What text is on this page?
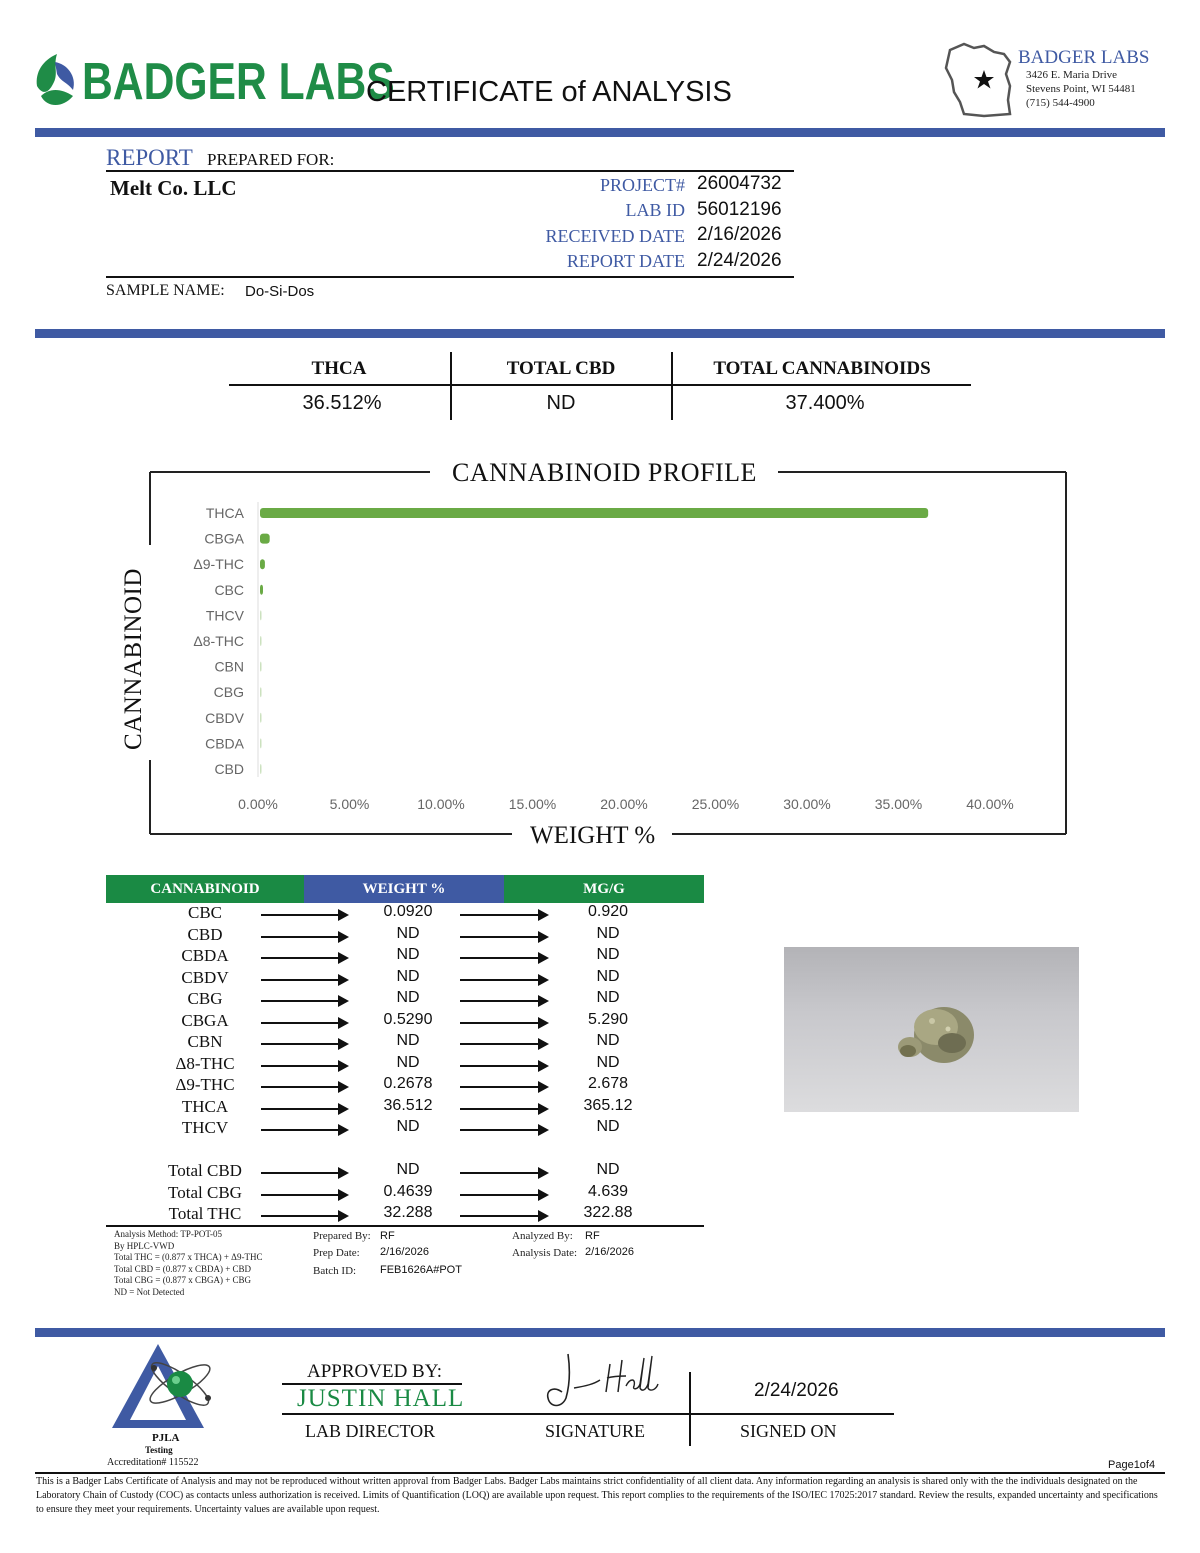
BADGER LABS
CERTIFICATE of ANALYSIS
BADGER LABS
3426 E. Maria Drive
Stevens Point, WI 54481
(715) 544-4900
REPORT PREPARED FOR:
Melt Co. LLC	PROJECT# 26004732
LAB ID 56012196
RECEIVED DATE 2/16/2026
REPORT DATE 2/24/2026
SAMPLE NAME: Do-Si-Dos
THCA	TOTAL CBD	TOTAL CANNABINOIDS
36.512%	ND	37.400%
THCA
CBGA
Δ9-THC
CBC
THCV
Δ8-THC
CBN
CBG
CBDV
CBDA
CBD
0.00%	5.00%	10.00%	15.00%	20.00%	25.00%	30.00%	35.00%	40.00%
CANNABINOID PROFILE
CANNABINOID
WEIGHT %
CANNABINOID	WEIGHT %	MG/G
CBC	0.0920	0.920
CBD	ND	ND
CBDA	ND	ND
CBDV	ND	ND
CBG	ND	ND
CBGA	0.5290	5.290
CBN	ND	ND
Δ8-THC	ND	ND
Δ9-THC	0.2678	2.678
THCA	36.512	365.12
THCV	ND	ND
Total CBD	ND	ND
Total CBG	0.4639	4.639
Total THC	32.288	322.88
Analysis Method: TP-POT-05
By HPLC-VWD
Total THC = (0.877 x THCA) + Δ9-THC
Total CBD = (0.877 x CBDA) + CBD
Total CBG = (0.877 x CBGA) + CBG
ND = Not Detected
Prepared By: RF
Prep Date: 2/16/2026
Batch ID: FEB1626A#POT
Analyzed By: RF
Analysis Date: 2/16/2026
PJLA
Testing
Accreditation# 115522
APPROVED BY:
JUSTIN HALL
LAB DIRECTOR	SIGNATURE
2/24/2026
SIGNED ON
Page1of4
This is a Badger Labs Certificate of Analysis and may not be reproduced without written approval from Badger Labs. Badger Labs maintains strict confidentiality of all client data. Any information regarding an analysis is shared only with the the individuals designated on the Laboratory Chain of Custody (COC) as contacts unless authorization is received. Limits of Quantification (LOQ) are available upon request. This report complies to the requirements of the ISO/IEC 17025:2017 standard. Review the results, expanded uncertainty and specifications to ensure they meet your requirements. Uncertainty values are available upon request.
